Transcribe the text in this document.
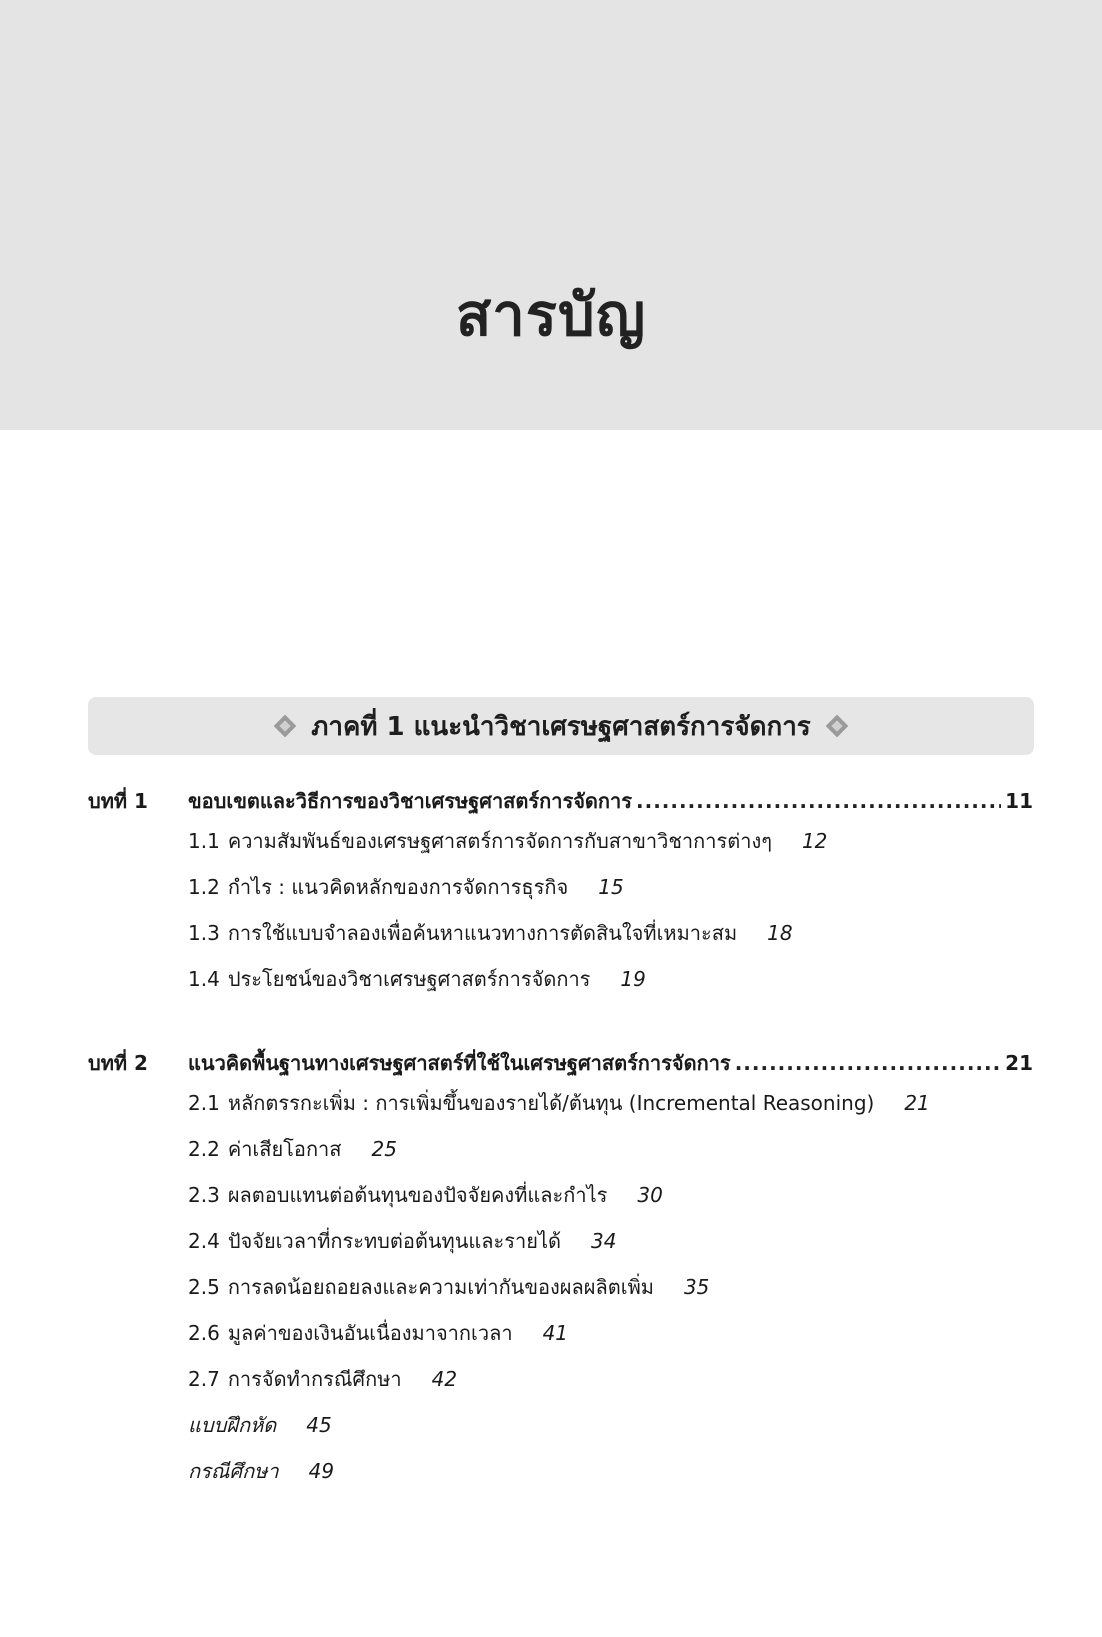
สารบัญ
ภาคที่ 1 แนะนำวิชาเศรษฐศาสตร์การจัดการ
บทที่ 1	ขอบเขตและวิธีการของวิชาเศรษฐศาสตร์การจัดการ .....	11
1.1 ความสัมพันธ์ของเศรษฐศาสตร์การจัดการกับสาขาวิชาการต่างๆ 12
1.2 กำไร : แนวคิดหลักของการจัดการธุรกิจ 15
1.3 การใช้แบบจำลองเพื่อค้นหาแนวทางการตัดสินใจที่เหมาะสม 18
1.4 ประโยชน์ของวิชาเศรษฐศาสตร์การจัดการ 19
บทที่ 2	แนวคิดพื้นฐานทางเศรษฐศาสตร์ที่ใช้ในเศรษฐศาสตร์การจัดการ .....	21
2.1 หลักตรรกะเพิ่ม : การเพิ่มขึ้นของรายได้/ต้นทุน (Incremental Reasoning) 21
2.2 ค่าเสียโอกาส 25
2.3 ผลตอบแทนต่อต้นทุนของปัจจัยคงที่และกำไร 30
2.4 ปัจจัยเวลาที่กระทบต่อต้นทุนและรายได้ 34
2.5 การลดน้อยถอยลงและความเท่ากันของผลผลิตเพิ่ม 35
2.6 มูลค่าของเงินอันเนื่องมาจากเวลา 41
2.7 การจัดทำกรณีศึกษา 42
แบบฝึกหัด 45
กรณีศึกษา 49
